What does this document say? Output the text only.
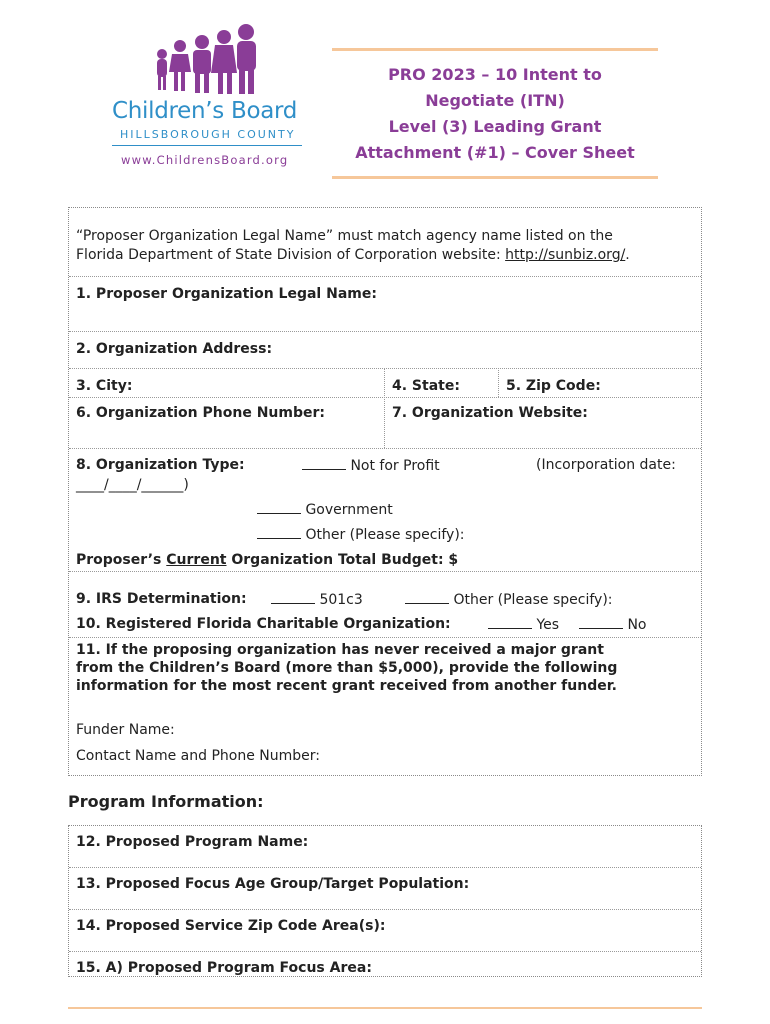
Children’s Board
HILLSBOROUGH COUNTY
www.ChildrensBoard.org
PRO 2023 – 10 Intent to
Negotiate (ITN)
Level (3) Leading Grant
Attachment (#1) – Cover Sheet
“Proposer Organization Legal Name” must match agency name listed on the
Florida Department of State Division of Corporation website: http://sunbiz.org/.
1. Proposer Organization Legal Name:
2. Organization Address:
3. City:	4. State:	5. Zip Code:
6. Organization Phone Number:	7. Organization Website:
8. Organization Type:	Not for Profit	(Incorporation date:
____/____/______)
Government
Other (Please specify):
Proposer’s Current Organization Total Budget: $
9. IRS Determination:	501c3	Other (Please specify):
10. Registered Florida Charitable Organization:	Yes	No
11. If the proposing organization has never received a major grant
from the Children’s Board (more than $5,000), provide the following
information for the most recent grant received from another funder.
Funder Name:
Contact Name and Phone Number:
Program Information:
12. Proposed Program Name:
13. Proposed Focus Age Group/Target Population:
14. Proposed Service Zip Code Area(s):
15. A) Proposed Program Focus Area:
